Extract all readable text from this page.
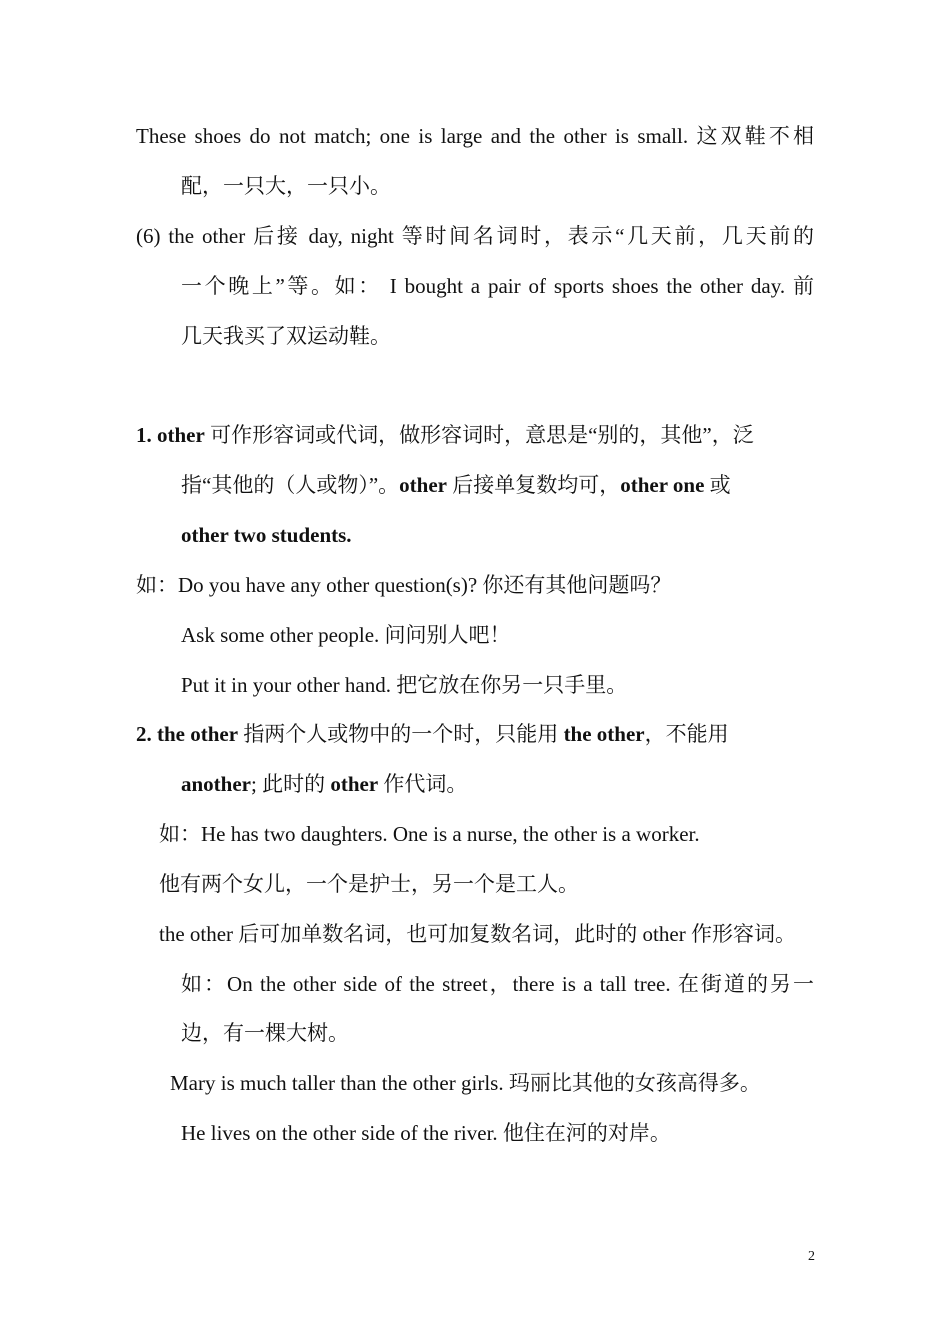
These shoes do not match; one is large and the other is small. 这双鞋不相
配，一只大，一只小。
(6) the other 后接 day, night 等时间名词时，表示“几天前，几天前的
一个晚上”等。如： I bought a pair of sports shoes the other day. 前
几天我买了双运动鞋。
1. other 可作形容词或代词，做形容词时，意思是“别的，其他”，泛
指“其他的（人或物）”。other 后接单复数均可，other one 或
other two students.
如：Do you have any other question(s)? 你还有其他问题吗？
Ask some other people. 问问别人吧！
Put it in your other hand. 把它放在你另一只手里。
2. the other 指两个人或物中的一个时，只能用 the other，不能用
another; 此时的 other 作代词。
如：He has two daughters. One is a nurse, the other is a worker.
他有两个女儿，一个是护士，另一个是工人。
the other 后可加单数名词，也可加复数名词，此时的 other 作形容词。
如：On the other side of the street，there is a tall tree. 在街道的另一
边，有一棵大树。
Mary is much taller than the other girls. 玛丽比其他的女孩高得多。
He lives on the other side of the river. 他住在河的对岸。
2
